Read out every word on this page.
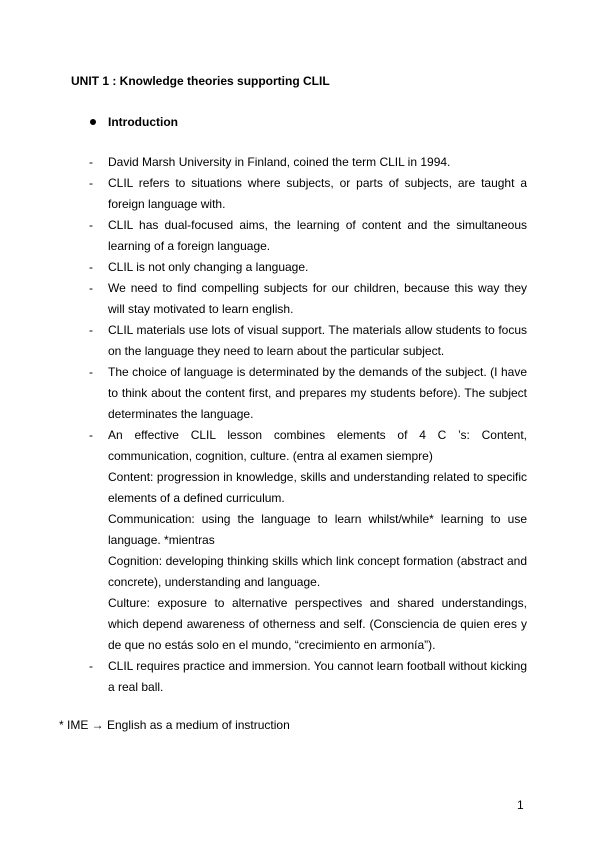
UNIT 1 : Knowledge theories supporting CLIL

Introduction
- David Marsh University in Finland, coined the term CLIL in 1994.

- CLIL refers to situations where subjects, or parts of subjects, are taught a foreign language with.

- CLIL has dual-focused aims, the learning of content and the simultaneous learning of a foreign language.

- CLIL is not only changing a language.

- We need to find compelling subjects for our children, because this way they will stay motivated to learn english.

- CLIL materials use lots of visual support. The materials allow students to focus on the language they need to learn about the particular subject.

- The choice of language is determinated by the demands of the subject. (I have to think about the content first, and prepares my students before). The subject determinates the language.

- An effective CLIL lesson combines elements of 4 C ’s: Content, communication, cognition, culture. (entra al examen siempre)

Content: progression in knowledge, skills and understanding related to specific elements of a defined curriculum.

Communication: using the language to learn whilst/while* learning to use language. *mientras

Cognition: developing thinking skills which link concept formation (abstract and concrete), understanding and language.

Culture: exposure to alternative perspectives and shared understandings, which depend awareness of otherness and self. (Consciencia de quien eres y de que no estás solo en el mundo, “crecimiento en armonía”).

- CLIL requires practice and immersion. You cannot learn football without kicking a real ball.

* IME → English as a medium of instruction

1
